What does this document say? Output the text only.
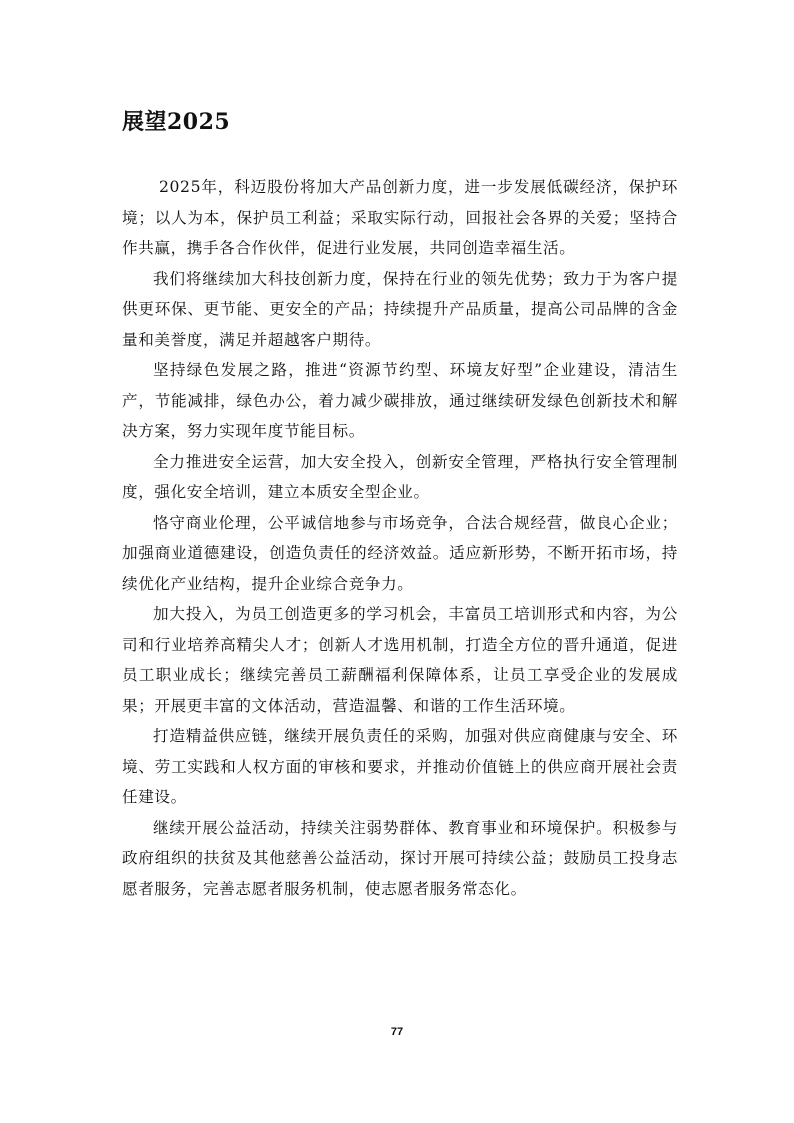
展望2025

2025年，科迈股份将加大产品创新力度，进一步发展低碳经济，保护环境；以人为本，保护员工利益；采取实际行动，回报社会各界的关爱；坚持合作共赢，携手各合作伙伴，促进行业发展，共同创造幸福生活。

我们将继续加大科技创新力度，保持在行业的领先优势；致力于为客户提供更环保、更节能、更安全的产品；持续提升产品质量，提高公司品牌的含金量和美誉度，满足并超越客户期待。

坚持绿色发展之路，推进“资源节约型、环境友好型”企业建设，清洁生产，节能减排，绿色办公，着力减少碳排放，通过继续研发绿色创新技术和解决方案，努力实现年度节能目标。

全力推进安全运营，加大安全投入，创新安全管理，严格执行安全管理制度，强化安全培训，建立本质安全型企业。

恪守商业伦理，公平诚信地参与市场竞争，合法合规经营，做良心企业；加强商业道德建设，创造负责任的经济效益。适应新形势，不断开拓市场，持续优化产业结构，提升企业综合竞争力。

加大投入，为员工创造更多的学习机会，丰富员工培训形式和内容，为公司和行业培养高精尖人才；创新人才选用机制，打造全方位的晋升通道，促进员工职业成长；继续完善员工薪酬福利保障体系，让员工享受企业的发展成果；开展更丰富的文体活动，营造温馨、和谐的工作生活环境。

打造精益供应链，继续开展负责任的采购，加强对供应商健康与安全、环境、劳工实践和人权方面的审核和要求，并推动价值链上的供应商开展社会责任建设。

继续开展公益活动，持续关注弱势群体、教育事业和环境保护。积极参与政府组织的扶贫及其他慈善公益活动，探讨开展可持续公益；鼓励员工投身志愿者服务，完善志愿者服务机制，使志愿者服务常态化。

77
